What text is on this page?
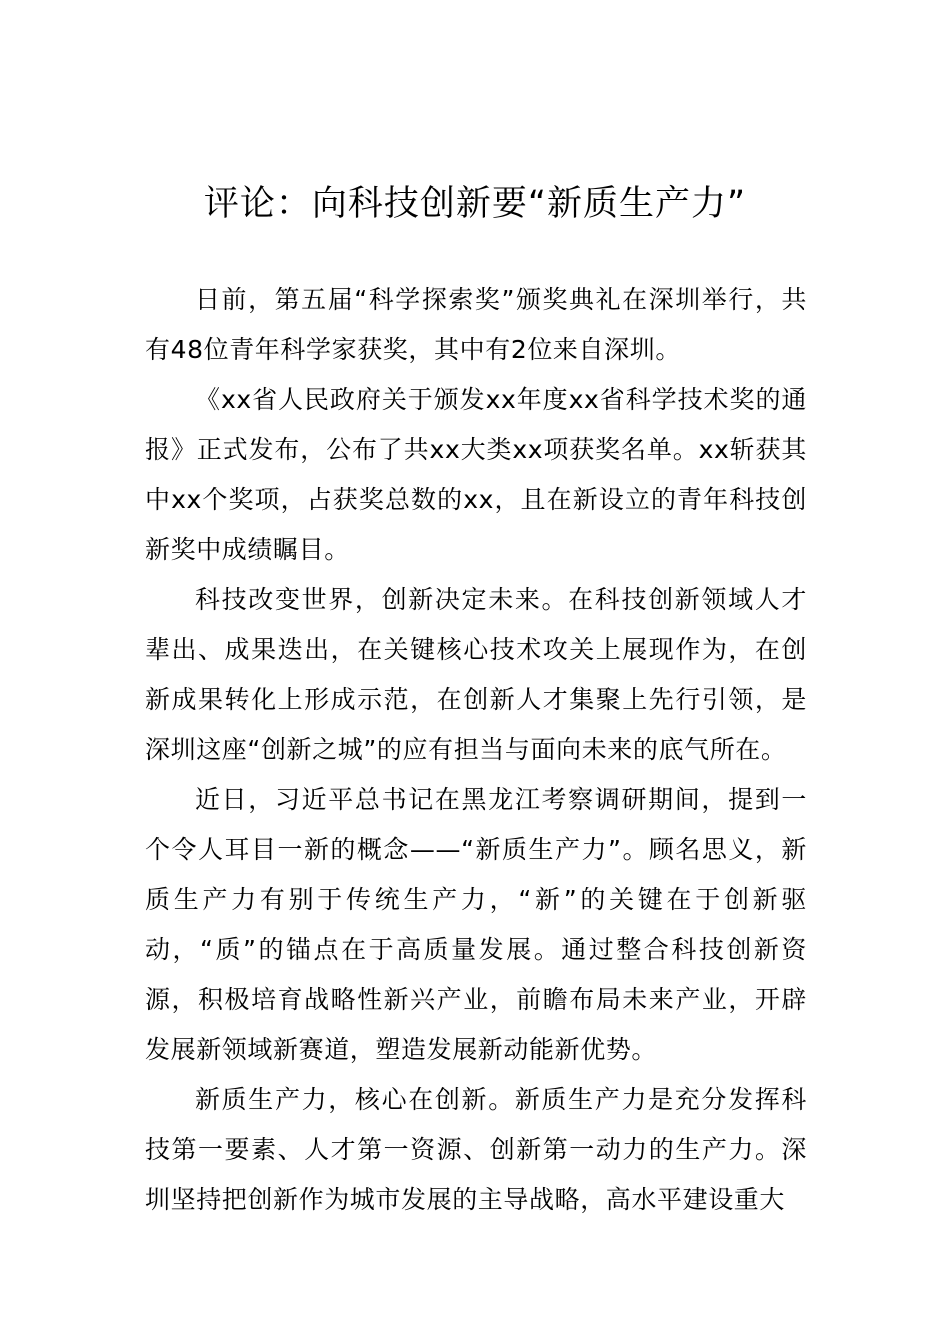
评论：向科技创新要“新质生产力”

日前，第五届“科学探索奖”颁奖典礼在深圳举行，共有48位青年科学家获奖，其中有2位来自深圳。

《xx省人民政府关于颁发xx年度xx省科学技术奖的通报》正式发布，公布了共xx大类xx项获奖名单。xx斩获其中xx个奖项，占获奖总数的xx，且在新设立的青年科技创新奖中成绩瞩目。

科技改变世界，创新决定未来。在科技创新领域人才辈出、成果迭出，在关键核心技术攻关上展现作为，在创新成果转化上形成示范，在创新人才集聚上先行引领，是深圳这座“创新之城”的应有担当与面向未来的底气所在。

近日，习近平总书记在黑龙江考察调研期间，提到一个令人耳目一新的概念——“新质生产力”。顾名思义，新质生产力有别于传统生产力，“新”的关键在于创新驱动，“质”的锚点在于高质量发展。通过整合科技创新资源，积极培育战略性新兴产业，前瞻布局未来产业，开辟发展新领域新赛道，塑造发展新动能新优势。

新质生产力，核心在创新。新质生产力是充分发挥科技第一要素、人才第一资源、创新第一动力的生产力。深圳坚持把创新作为城市发展的主导战略，高水平建设重大
